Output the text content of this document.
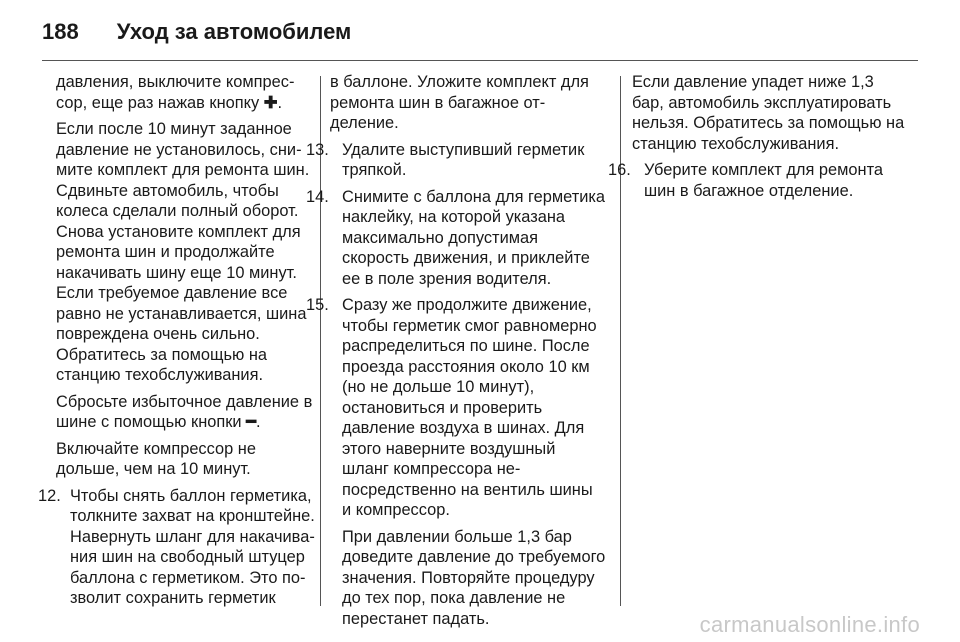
188 Уход за автомобилем

давления, выключите компрессор, еще раз нажав кнопку ✚.

Если после 10 минут заданное давление не установилось, снимите комплект для ремонта шин. Сдвиньте автомобиль, чтобы колеса сделали полный оборот. Снова установите комплект для ремонта шин и продолжайте накачивать шину еще 10 минут. Если требуемое давление все равно не устанавливается, шина повреждена очень сильно. Обратитесь за помощью на станцию техобслуживания.

Сбросьте избыточное давление в шине с помощью кнопки ━.

Включайте компрессор не дольше, чем на 10 минут.

12. Чтобы снять баллон герметика, толкните захват на кронштейне. Навернуть шланг для накачивания шин на свободный штуцер баллона с герметиком. Это позволит сохранить герметик

в баллоне. Уложите комплект для ремонта шин в багажное отделение.

13. Удалите выступивший герметик тряпкой.
14. Снимите с баллона для герметика наклейку, на которой указана максимально допустимая скорость движения, и приклейте ее в поле зрения водителя.
15. Сразу же продолжите движение, чтобы герметик смог равномерно распределиться по шине. После проезда расстояния около 10 км (но не дольше 10 минут), остановиться и проверить давление воздуха в шинах. Для этого наверните воздушный шланг компрессора непосредственно на вентиль шины и компрессор.
При давлении больше 1,3 бар доведите давление до требуемого значения. Повторяйте процедуру до тех пор, пока давление не перестанет падать.

Если давление упадет ниже 1,3 бар, автомобиль эксплуатировать нельзя. Обратитесь за помощью на станцию техобслуживания.

16. Уберите комплект для ремонта шин в багажное отделение.
carmanualsonline.info
